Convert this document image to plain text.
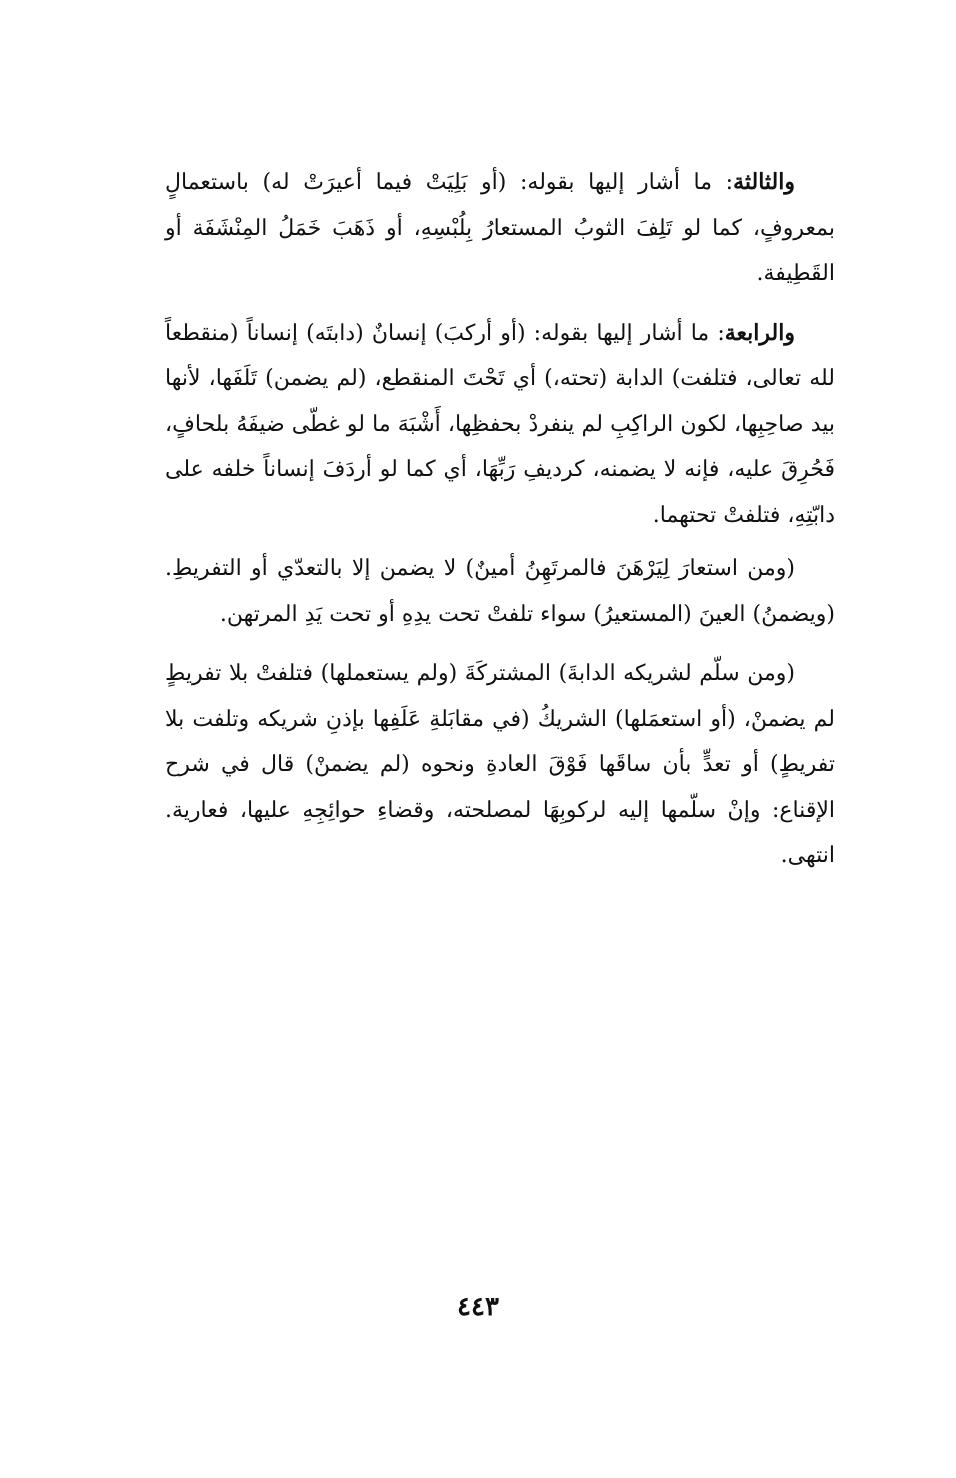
والثالثة: ما أشار إليها بقوله: (أو بَلِيَتْ فيما أعيرَتْ له) باستعمالٍ بمعروفٍ، كما لو تَلِفَ الثوبُ المستعارُ بِلُبْسِهِ، أو ذَهَبَ خَمَلُ المِنْشَفَة أو القَطِيفة.

والرابعة: ما أشار إليها بقوله: (أو أركبَ) إنسانٌ (دابتَه) إنساناً (منقطعاً لله تعالى، فتلفت) الدابة (تحته،) أي تَحْتَ المنقطع، (لم يضمن) تَلَفَها، لأنها بيد صاحِبِها، لكون الراكِبِ لم ينفردْ بحفظِها، أَشْبَهَ ما لو غطّى ضيفَهُ بلحافٍ، فَحُرِقَ عليه، فإنه لا يضمنه، كرديفِ رَبِّهَا، أي كما لو أردَفَ إنساناً خلفه على دابّتِهِ، فتلفتْ تحتهما.

(ومن استعارَ لِيَرْهَنَ فالمرتَهِنُ أمينٌ) لا يضمن إلا بالتعدّي أو التفريطِ. (ويضمنُ) العينَ (المستعيرُ) سواء تلفتْ تحت يدِهِ أو تحت يَدِ المرتهن.

(ومن سلّم لشريكه الدابةَ) المشتركَةَ (ولم يستعملها) فتلفتْ بلا تفريطٍ لم يضمنْ، (أو استعمَلها) الشريكُ (في مقابَلةِ عَلَفِها بإذنِ شريكه وتلفت بلا تفريطٍ) أو تعدٍّ بأن ساقَها فَوْقَ العادةِ ونحوه (لم يضمنْ) قال في شرح الإقناع: وإنْ سلّمها إليه لركوبِهَا لمصلحته، وقضاءِ حوائِجِهِ عليها، فعارية. انتهى.

٤٤٣
